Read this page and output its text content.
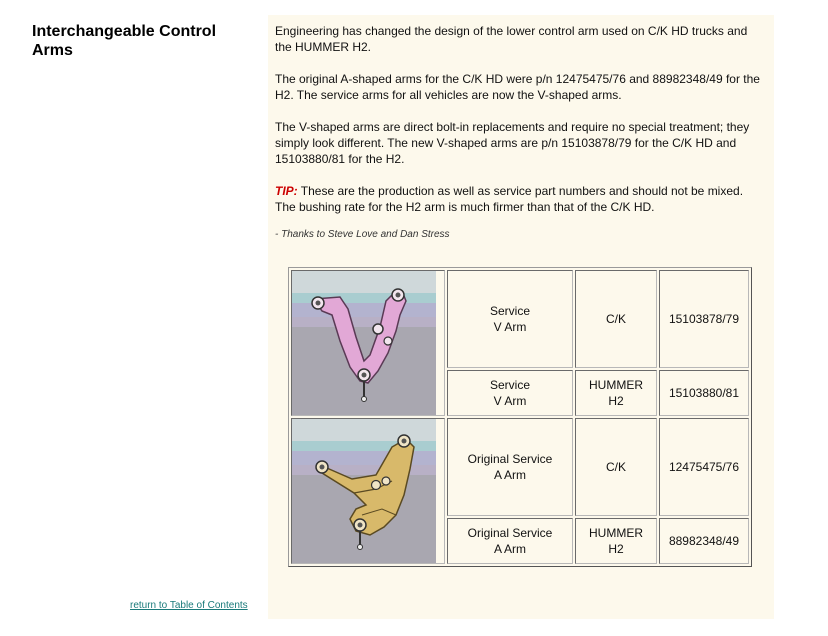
Interchangeable Control Arms
return to Table of Contents

Engineering has changed the design of the lower control arm used on C/K HD trucks and the HUMMER H2.

The original A-shaped arms for the C/K HD were p/n 12475475/76 and 88982348/49 for the H2. The service arms for all vehicles are now the V-shaped arms.

The V-shaped arms are direct bolt-in replacements and require no special treatment; they simply look different. The new V-shaped arms are p/n 15103878/79 for the C/K HD and 15103880/81 for the H2.

TIP: These are the production as well as service part numbers and should not be mixed. The bushing rate for the H2 arm is much firmer than that of the C/K HD.

- Thanks to Steve Love and Dan Stress

	Service
V Arm	C/K	15103878/79
	Service
V Arm	HUMMER
H2	15103880/81

	Original Service
A Arm	C/K	12475475/76
	Original Service
A Arm	HUMMER
H2	88982348/49
